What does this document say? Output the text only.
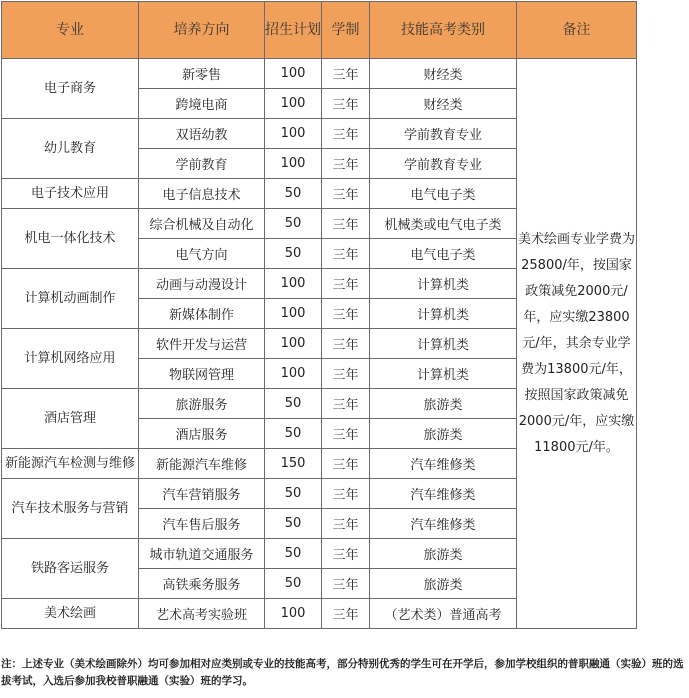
专业	培养方向	招生计划	学制	技能高考类别	备注
电子商务	新零售	100	三年	财经类	美术绘画专业学费为25800/年，按国家政策减免2000元/年，应实缴23800元/年，其余专业学费为13800元/年，按照国家政策减免2000元/年，应实缴11800元/年。
	跨境电商	100	三年	财经类	
幼儿教育	双语幼教	100	三年	学前教育专业	
	学前教育	100	三年	学前教育专业	
电子技术应用	电子信息技术	50	三年	电气电子类	
机电一体化技术	综合机械及自动化	50	三年	机械类或电气电子类	
	电气方向	50	三年	电气电子类	
计算机动画制作	动画与动漫设计	100	三年	计算机类	
	新媒体制作	100	三年	计算机类	
计算机网络应用	软件开发与运营	100	三年	计算机类	
	物联网管理	100	三年	计算机类	
酒店管理	旅游服务	50	三年	旅游类	
	酒店服务	50	三年	旅游类	
新能源汽车检测与维修	新能源汽车维修	150	三年	汽车维修类	
汽车技术服务与营销	汽车营销服务	50	三年	汽车维修类	
	汽车售后服务	50	三年	汽车维修类	
铁路客运服务	城市轨道交通服务	50	三年	旅游类	
	高铁乘务服务	50	三年	旅游类	
美术绘画	艺术高考实验班	100	三年	（艺术类）普通高考	
注：上述专业（美术绘画除外）均可参加相对应类别或专业的技能高考，部分特别优秀的学生可在开学后，参加学校组织的普职融通（实验）班的选拔考试，入选后参加我校普职融通（实验）班的学习。
